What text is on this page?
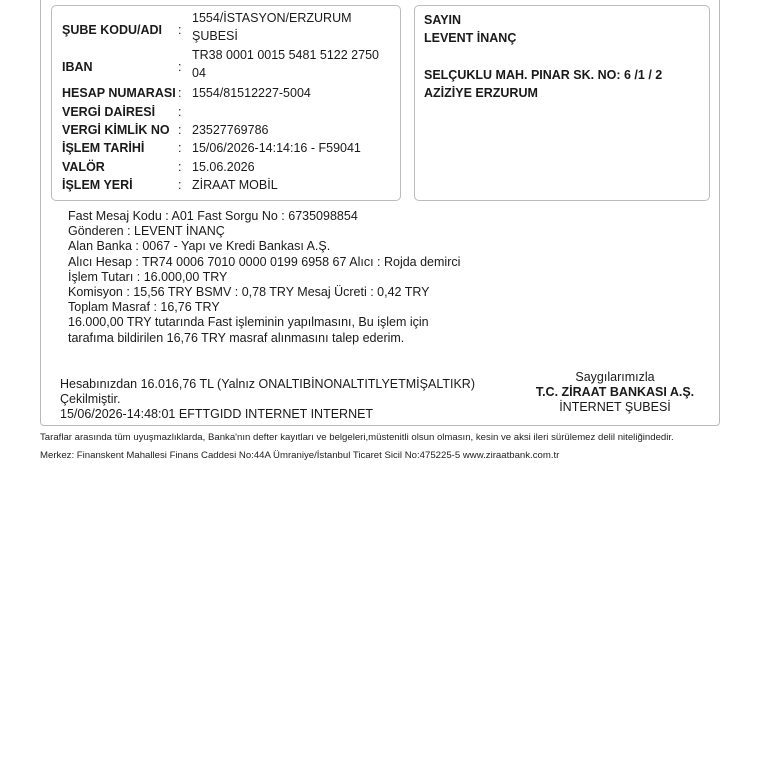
ŞUBE KODU/ADI :
1554/İSTASYON/ERZURUM
ŞUBESİ
IBAN	:
TR38 0001 0015 5481 5122 2750
04
HESAP NUMARASI : 1554/81512227-5004
VERGİ DAİRESİ :
VERGİ KİMLİK NO : 23527769786
İŞLEM TARİHİ	: 15/06/2026-14:14:16 - F59041
VALÖR	: 15.06.2026
İŞLEM YERİ	: ZİRAAT MOBİL
SAYIN
LEVENT İNANÇ
SELÇUKLU MAH. PINAR SK. NO: 6 /1 / 2
AZİZİYE ERZURUM
Fast Mesaj Kodu : A01 Fast Sorgu No : 6735098854
Gönderen : LEVENT İNANÇ
Alan Banka : 0067 - Yapı ve Kredi Bankası A.Ş.
Alıcı Hesap : TR74 0006 7010 0000 0199 6958 67 Alıcı : Rojda demirci
İşlem Tutarı : 16.000,00 TRY
Komisyon : 15,56 TRY BSMV : 0,78 TRY Mesaj Ücreti : 0,42 TRY
Toplam Masraf : 16,76 TRY
16.000,00 TRY tutarında Fast işleminin yapılmasını, Bu işlem için
tarafıma bildirilen 16,76 TRY masraf alınmasını talep ederim.
Hesabınızdan 16.016,76 TL (Yalnız ONALTIBİNONALTITLYETMİŞALTIKR)
Çekilmiştir.
15/06/2026-14:48:01 EFTTGIDD INTERNET INTERNET
Saygılarımızla
T.C. ZİRAAT BANKASI A.Ş.
İNTERNET ŞUBESİ
Taraflar arasında tüm uyuşmazlıklarda, Banka'nın defter kayıtları ve belgeleri,müstenitli olsun olmasın, kesin ve aksi ileri sürülemez delil niteliğindedir.
Merkez: Finanskent Mahallesi Finans Caddesi No:44A Ümraniye/İstanbul Ticaret Sicil No:475225-5 www.ziraatbank.com.tr
